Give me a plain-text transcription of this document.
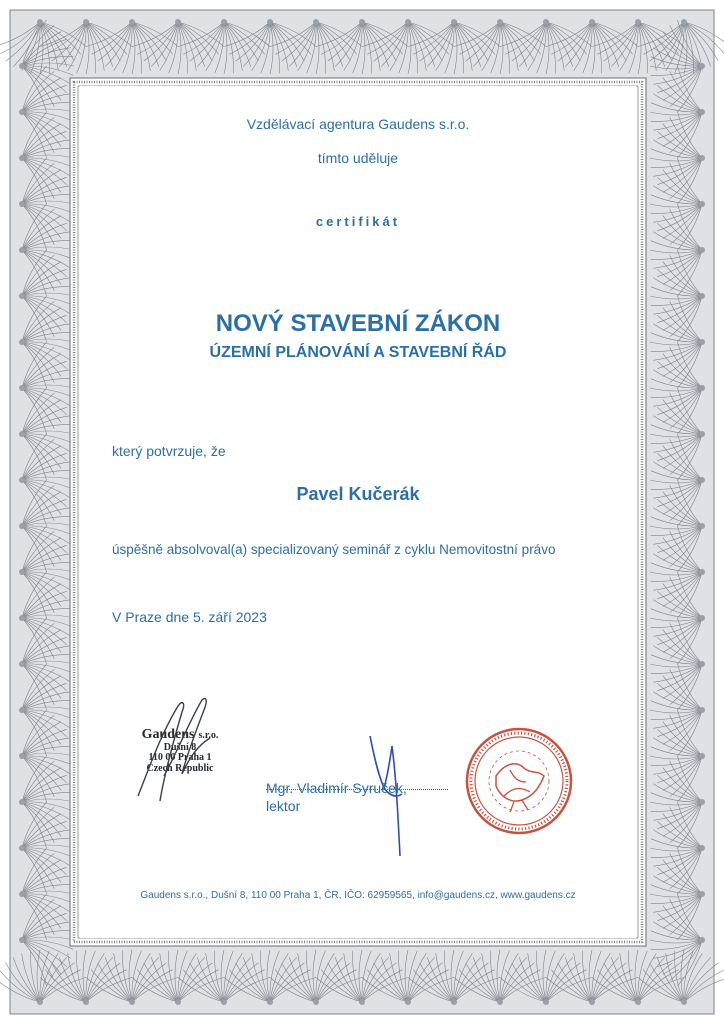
Vzdělávací agentura Gaudens s.r.o.

tímto uděluje

certifikát

NOVÝ STAVEBNÍ ZÁKON

ÚZEMNÍ PLÁNOVÁNÍ A STAVEBNÍ ŘÁD

který potvrzuje, že

Pavel Kučerák

úspěšně absolvoval(a) specializovaný seminář z cyklu Nemovitostní právo

V Praze dne 5. září 2023

Gaudens s.r.o.
Dušní 8
110 00 Praha 1
Czech Republic

Mgr. Vladimír Syruček,

lektor

Gaudens s.r.o., Dušní 8, 110 00 Praha 1, ČR, IČO: 62959565, info@gaudens.cz, www.gaudens.cz
